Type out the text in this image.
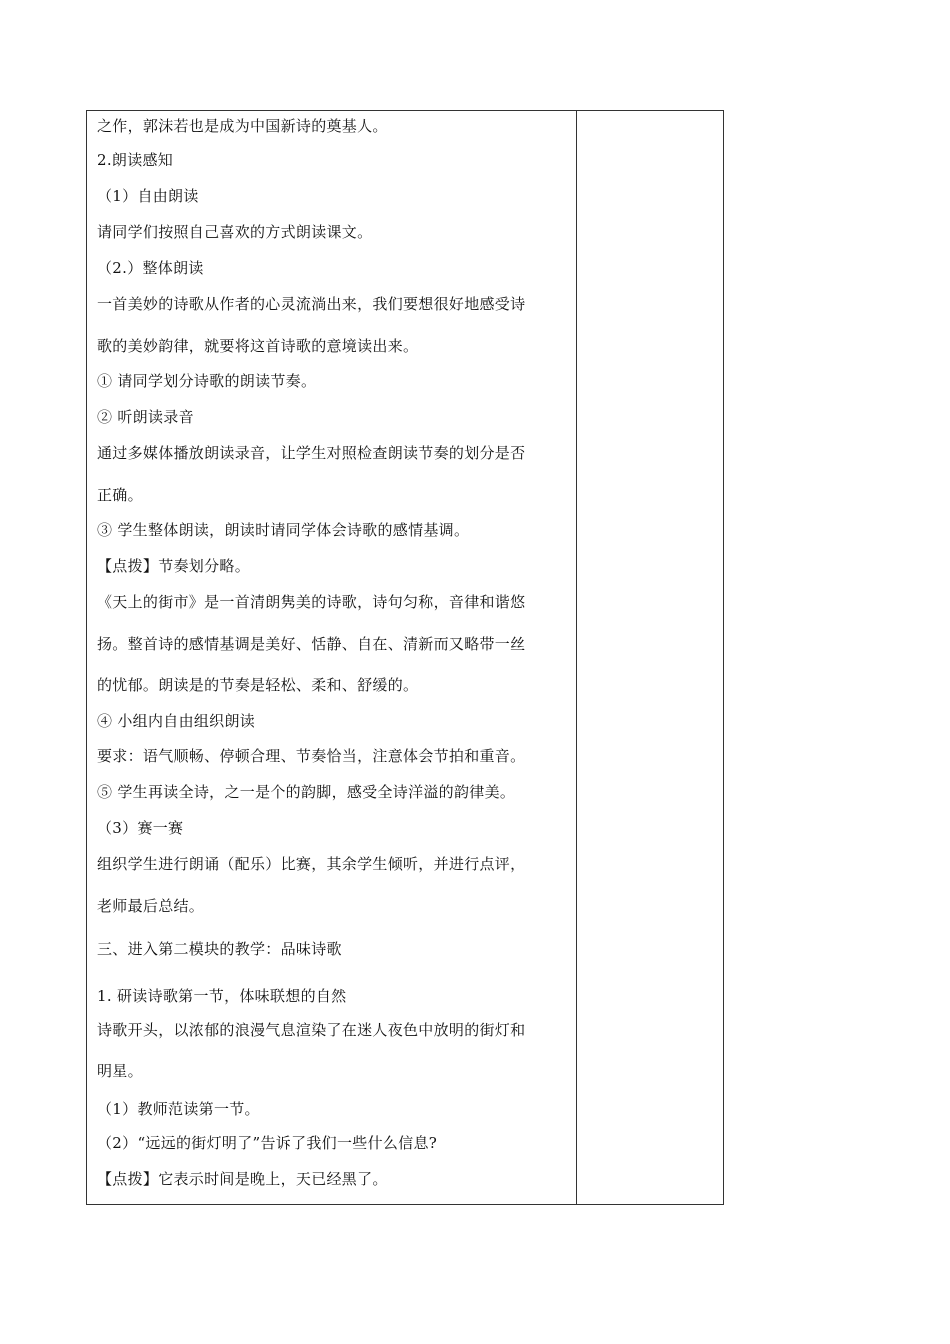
之作，郭沫若也是成为中国新诗的奠基人。
2.朗读感知
（1）自由朗读
请同学们按照自己喜欢的方式朗读课文。
（2.）整体朗读
一首美妙的诗歌从作者的心灵流淌出来，我们要想很好地感受诗
歌的美妙韵律，就要将这首诗歌的意境读出来。
① 请同学划分诗歌的朗读节奏。
② 听朗读录音
通过多媒体播放朗读录音，让学生对照检查朗读节奏的划分是否
正确。
③ 学生整体朗读，朗读时请同学体会诗歌的感情基调。
【点拨】节奏划分略。
《天上的街市》是一首清朗隽美的诗歌，诗句匀称，音律和谐悠
扬。整首诗的感情基调是美好、恬静、自在、清新而又略带一丝
的忧郁。朗读是的节奏是轻松、柔和、舒缓的。
④ 小组内自由组织朗读
要求：语气顺畅、停顿合理、节奏恰当，注意体会节拍和重音。
⑤ 学生再读全诗，之一是个的韵脚，感受全诗洋溢的韵律美。
（3）赛一赛
组织学生进行朗诵（配乐）比赛，其余学生倾听，并进行点评，
老师最后总结。
三、进入第二模块的教学：品味诗歌
1. 研读诗歌第一节，体味联想的自然
诗歌开头，以浓郁的浪漫气息渲染了在迷人夜色中放明的街灯和
明星。
（1）教师范读第一节。
（2）“远远的街灯明了”告诉了我们一些什么信息?
【点拨】它表示时间是晚上，天已经黑了。
